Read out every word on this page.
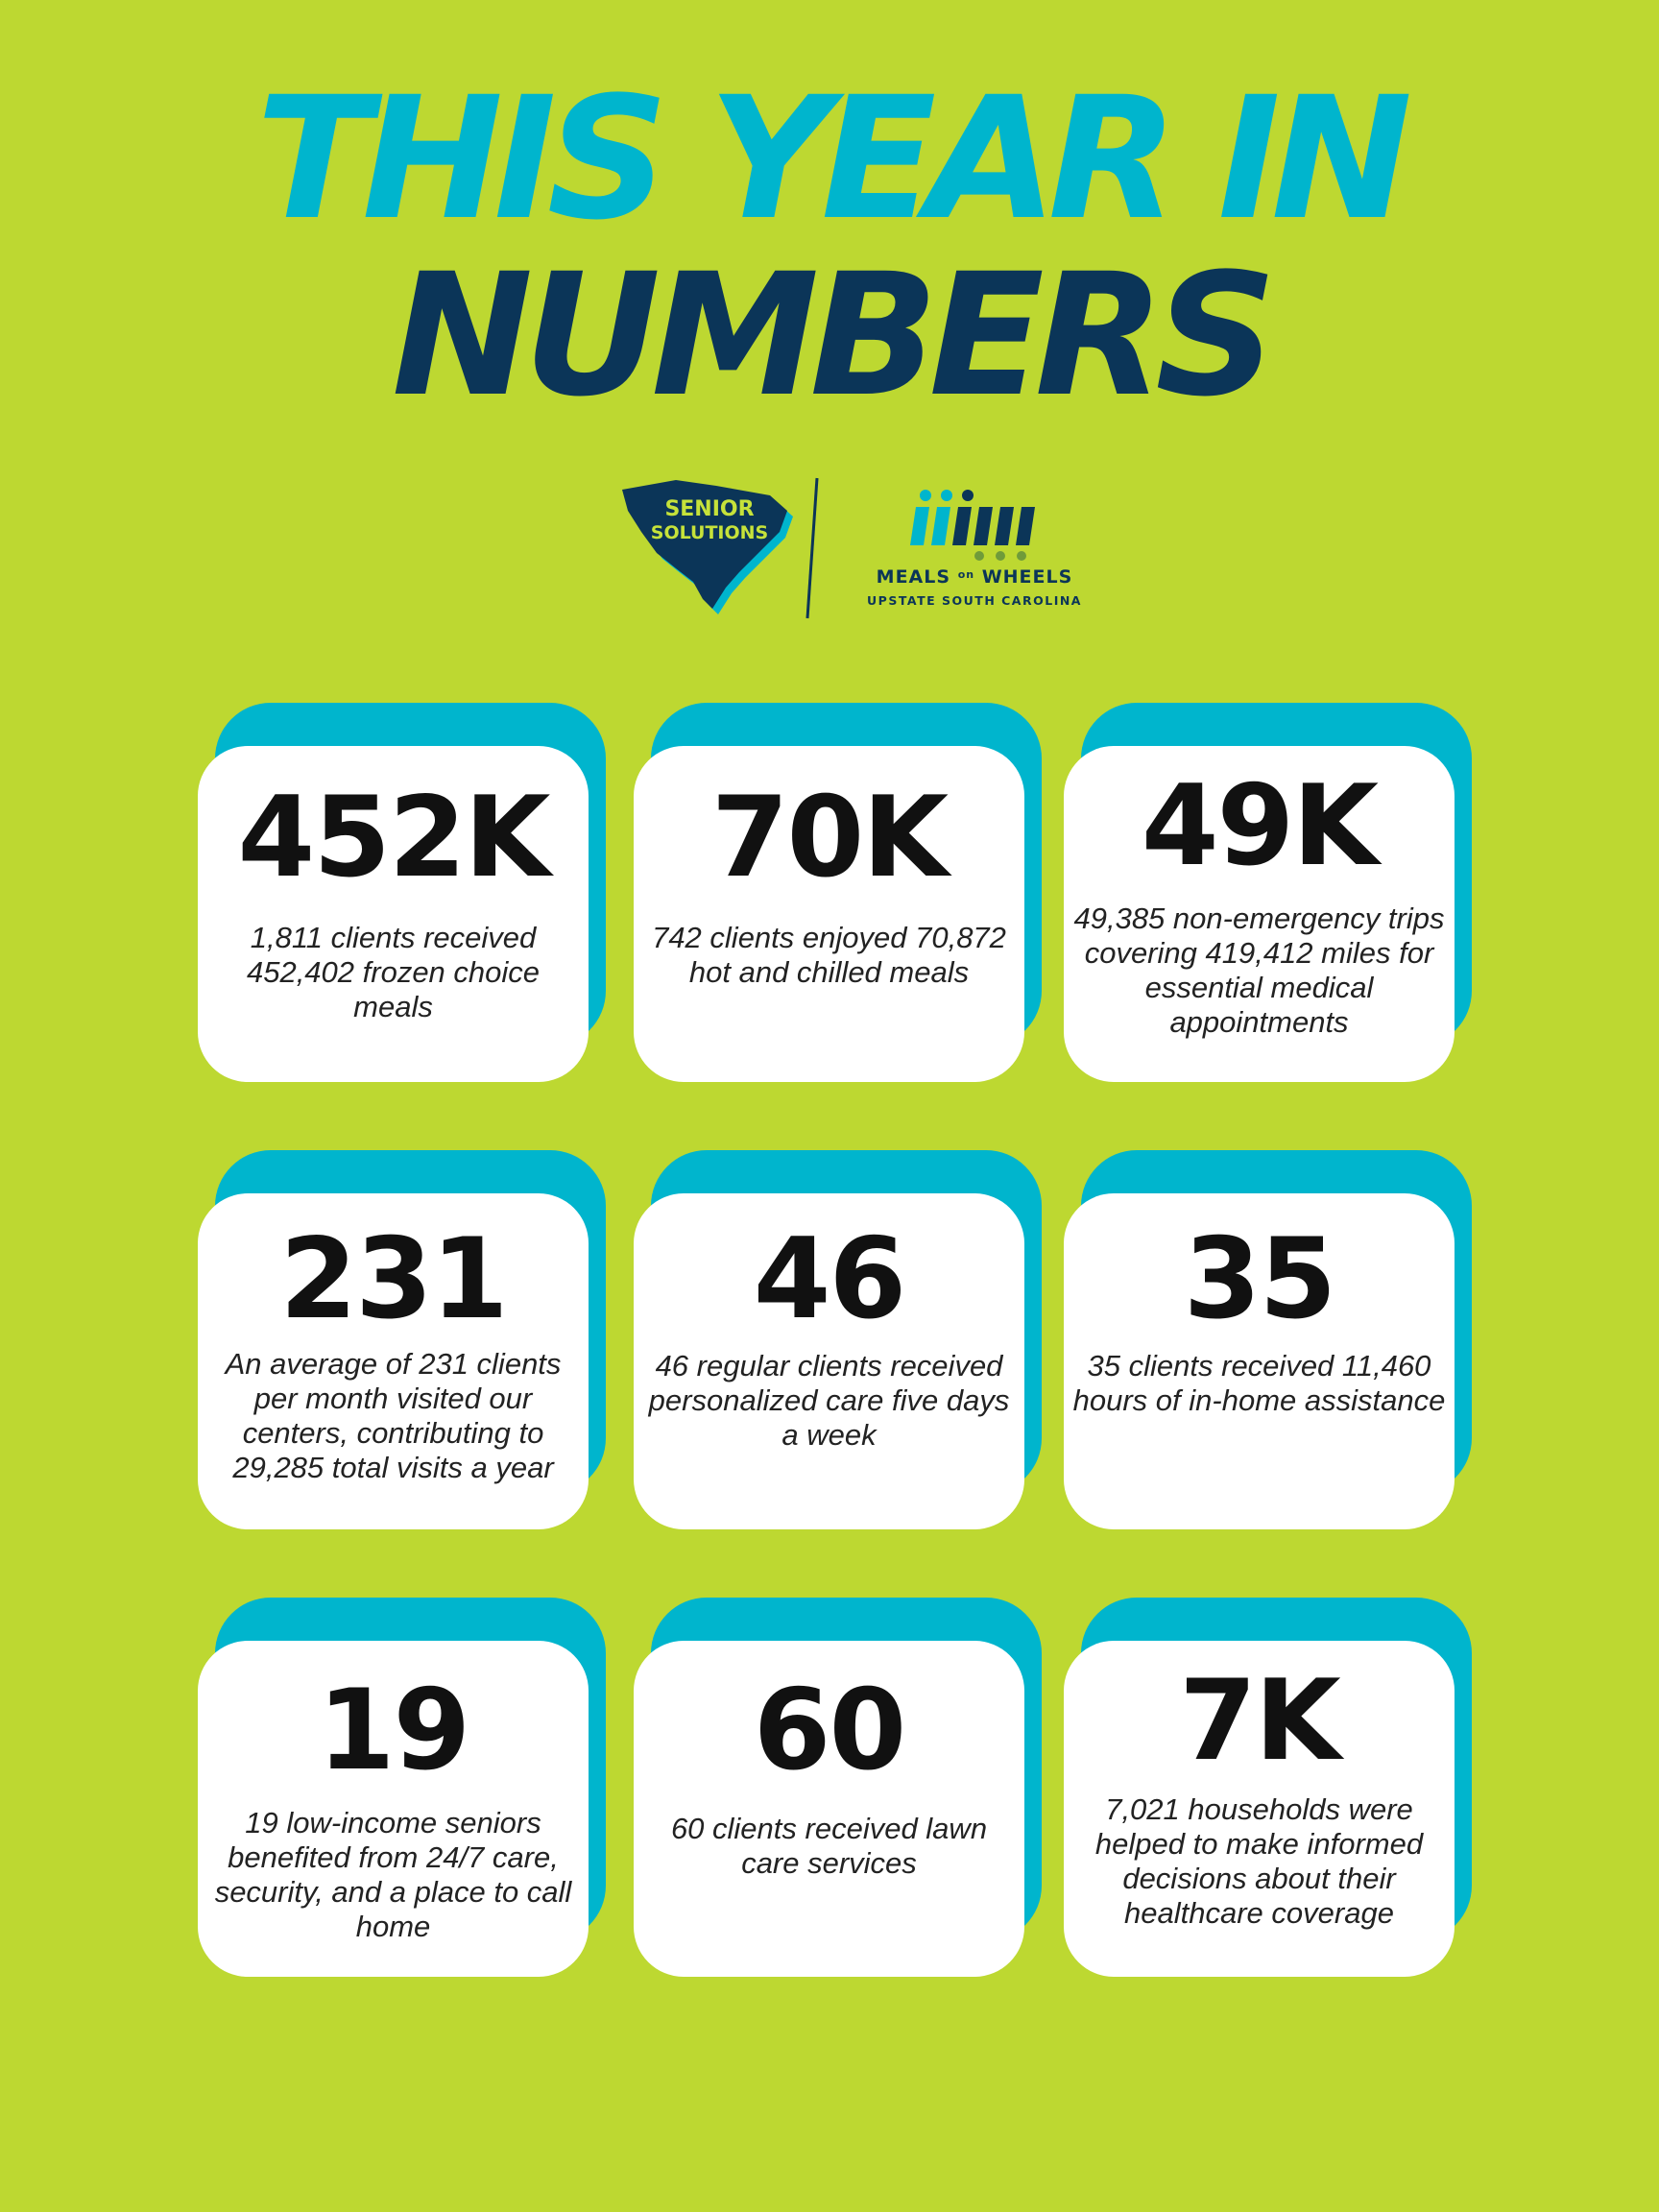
THIS YEAR IN
NUMBERS
SENIOR
SOLUTIONS
MEALS $^{on}$ WHEELS
UPSTATE SOUTH CAROLINA
452K
1,811 clients received 452,402 frozen choice meals
70K
742 clients enjoyed 70,872 hot and chilled meals
49K
49,385 non-emergency trips covering 419,412 miles for essential medical appointments
231
An average of 231 clients per month visited our centers, contributing to 29,285 total visits a year
46
46 regular clients received personalized care five days a week
35
35 clients received 11,460 hours of in-home assistance
19
19 low-income seniors benefited from 24/7 care, security, and a place to call home
60
60 clients received lawn care services
7K
7,021 households were helped to make informed decisions about their healthcare coverage
